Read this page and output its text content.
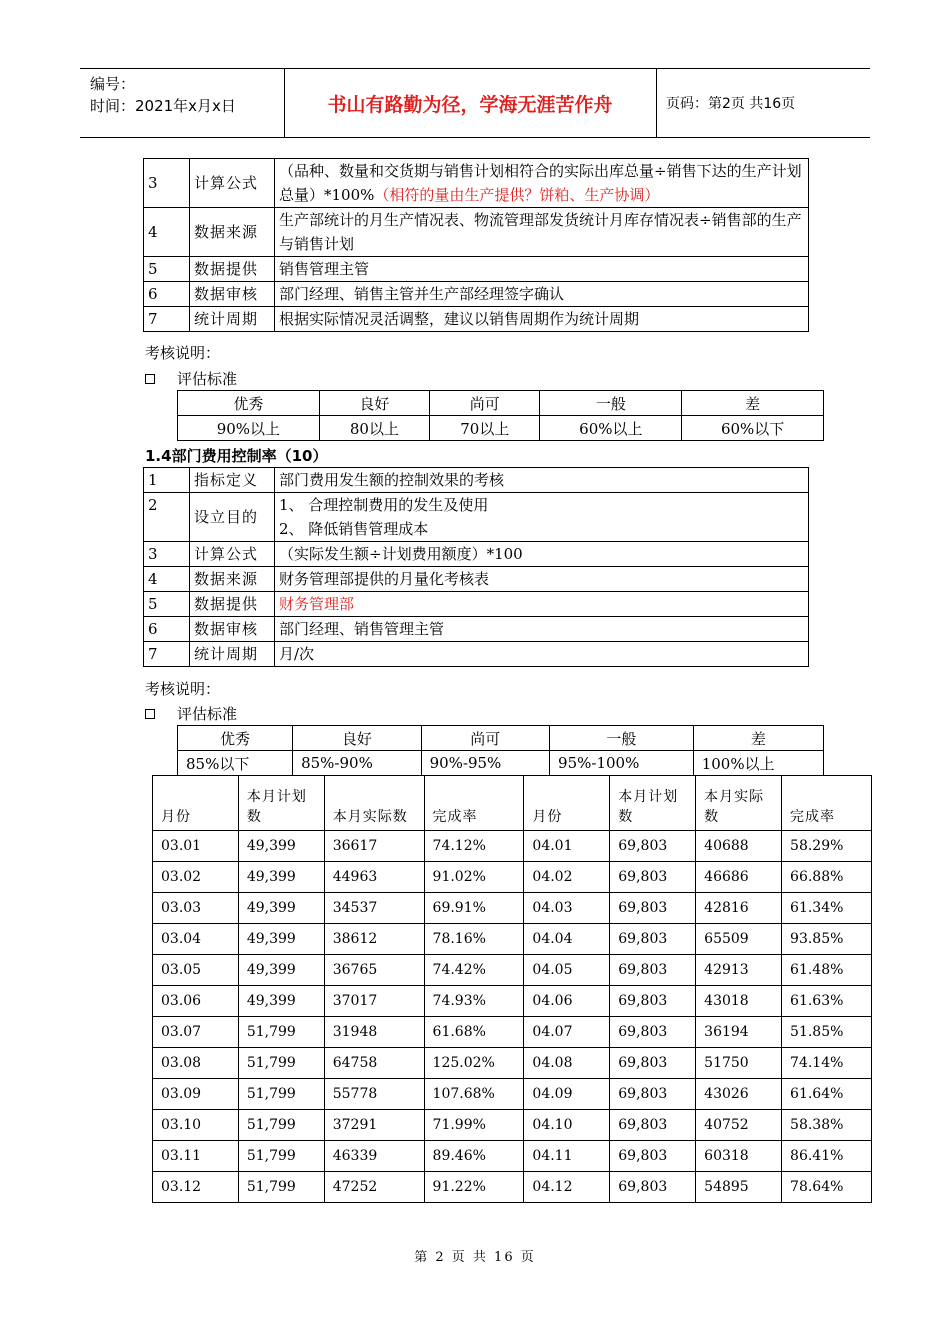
编号：
时间：2021年x月x日	书山有路勤为径，学海无涯苦作舟	页码：第2页 共16页
3	计算公式	（品种、数量和交货期与销售计划相符合的实际出库总量÷销售下达的生产计划总量）*100%（相符的量由生产提供？饼粕、生产协调）
4	数据来源	生产部统计的月生产情况表、物流管理部发货统计月库存情况表÷销售部的生产与销售计划
5	数据提供	销售管理主管
6	数据审核	部门经理、销售主管并生产部经理签字确认
7	统计周期	根据实际情况灵活调整，建议以销售周期作为统计周期
考核说明：
评估标准
优秀	良好	尚可	一般	差
90%以上	80以上	70以上	60%以上	60%以下
1.4部门费用控制率（10）
1	指标定义	部门费用发生额的控制效果的考核
2	设立目的	1、 合理控制费用的发生及使用
2、 降低销售管理成本

3	计算公式	（实际发生额÷计划费用额度）*100
4	数据来源	财务管理部提供的月量化考核表
5	数据提供	财务管理部
6	数据审核	部门经理、销售管理主管
7	统计周期	月/次
考核说明：
评估标准
优秀	良好	尚可	一般	差
85%以下	85%-90%	90%-95%	95%-100%	100%以上
月份	本月计划数	本月实际数	完成率	月份	本月计划数	本月实际数	完成率
03.01	49,399	36617	74.12%	04.01	69,803	40688	58.29%
03.02	49,399	44963	91.02%	04.02	69,803	46686	66.88%
03.03	49,399	34537	69.91%	04.03	69,803	42816	61.34%
03.04	49,399	38612	78.16%	04.04	69,803	65509	93.85%
03.05	49,399	36765	74.42%	04.05	69,803	42913	61.48%
03.06	49,399	37017	74.93%	04.06	69,803	43018	61.63%
03.07	51,799	31948	61.68%	04.07	69,803	36194	51.85%
03.08	51,799	64758	125.02%	04.08	69,803	51750	74.14%
03.09	51,799	55778	107.68%	04.09	69,803	43026	61.64%
03.10	51,799	37291	71.99%	04.10	69,803	40752	58.38%
03.11	51,799	46339	89.46%	04.11	69,803	60318	86.41%
03.12	51,799	47252	91.22%	04.12	69,803	54895	78.64%
第 2 页 共 16 页
